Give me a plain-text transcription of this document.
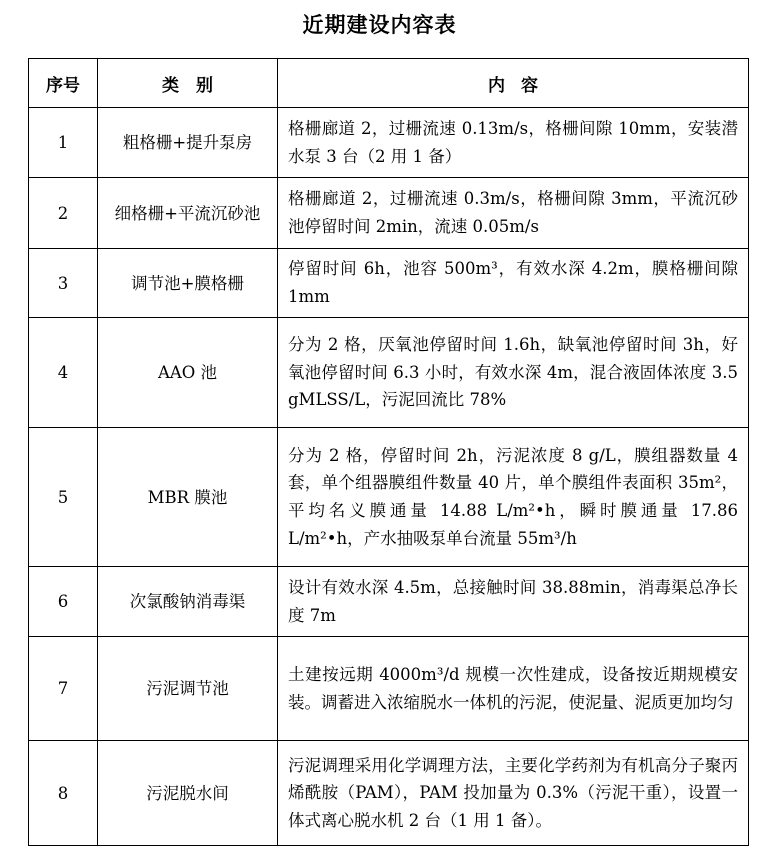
近期建设内容表
序号	类　别	内容
1	粗格栅+提升泵房	格栅廊道 2，过栅流速 0.13m/s，格栅间隙 10mm，安装潜水泵 3 台（2 用 1 备）
2	细格栅+平流沉砂池	格栅廊道 2，过栅流速 0.3m/s，格栅间隙 3mm，平流沉砂池停留时间 2min，流速 0.05m/s
3	调节池+膜格栅	停留时间 6h，池容 500m³，有效水深 4.2m，膜格栅间隙 1mm
4	AAO 池	分为 2 格，厌氧池停留时间 1.6h，缺氧池停留时间 3h，好氧池停留时间 6.3 小时，有效水深 4m，混合液固体浓度 3.5 gMLSS/L，污泥回流比 78%
5	MBR 膜池	分为 2 格，停留时间 2h，污泥浓度 8 g/L，膜组器数量 4 套，单个组器膜组件数量 40 片，单个膜组件表面积 35m²，平均名义膜通量 14.88 L/m²•h，瞬时膜通量 17.86 L/m²•h，产水抽吸泵单台流量 55m³/h
6	次氯酸钠消毒渠	设计有效水深 4.5m，总接触时间 38.88min，消毒渠总净长度 7m
7	污泥调节池	土建按远期 4000m³/d 规模一次性建成，设备按近期规模安装。调蓄进入浓缩脱水一体机的污泥，使泥量、泥质更加均匀
8	污泥脱水间	污泥调理采用化学调理方法，主要化学药剂为有机高分子聚丙烯酰胺（PAM），PAM 投加量为 0.3%（污泥干重），设置一体式离心脱水机 2 台（1 用 1 备）。
